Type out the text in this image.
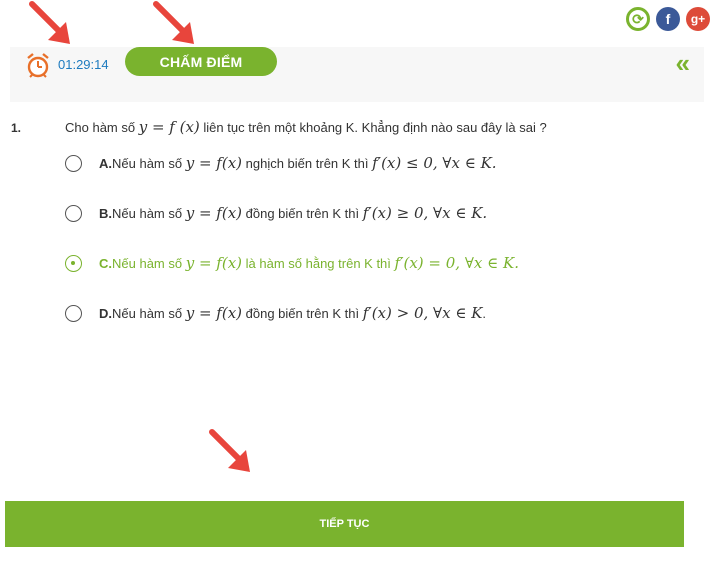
⟳	f	g+
01:29:14	CHẤM ĐIỂM	«
1.	Cho hàm số y = f (x) liên tục trên một khoảng K. Khẳng định nào sau đây là sai ?
A. Nếu hàm số
y = f(x)
nghịch biến trên K thì
f′(x) ≤ 0, ∀x ∈ K.
B. Nếu hàm số
y = f(x)
đồng biến trên K thì
f′(x) ≥ 0, ∀x ∈ K.
C. Nếu hàm số
y = f(x)
là hàm số hằng trên K thì
f′(x) = 0, ∀x ∈ K.
D. Nếu hàm số
y = f(x)
đồng biến trên K thì
f′(x) > 0, ∀x ∈ K .
TIẾP TỤC
